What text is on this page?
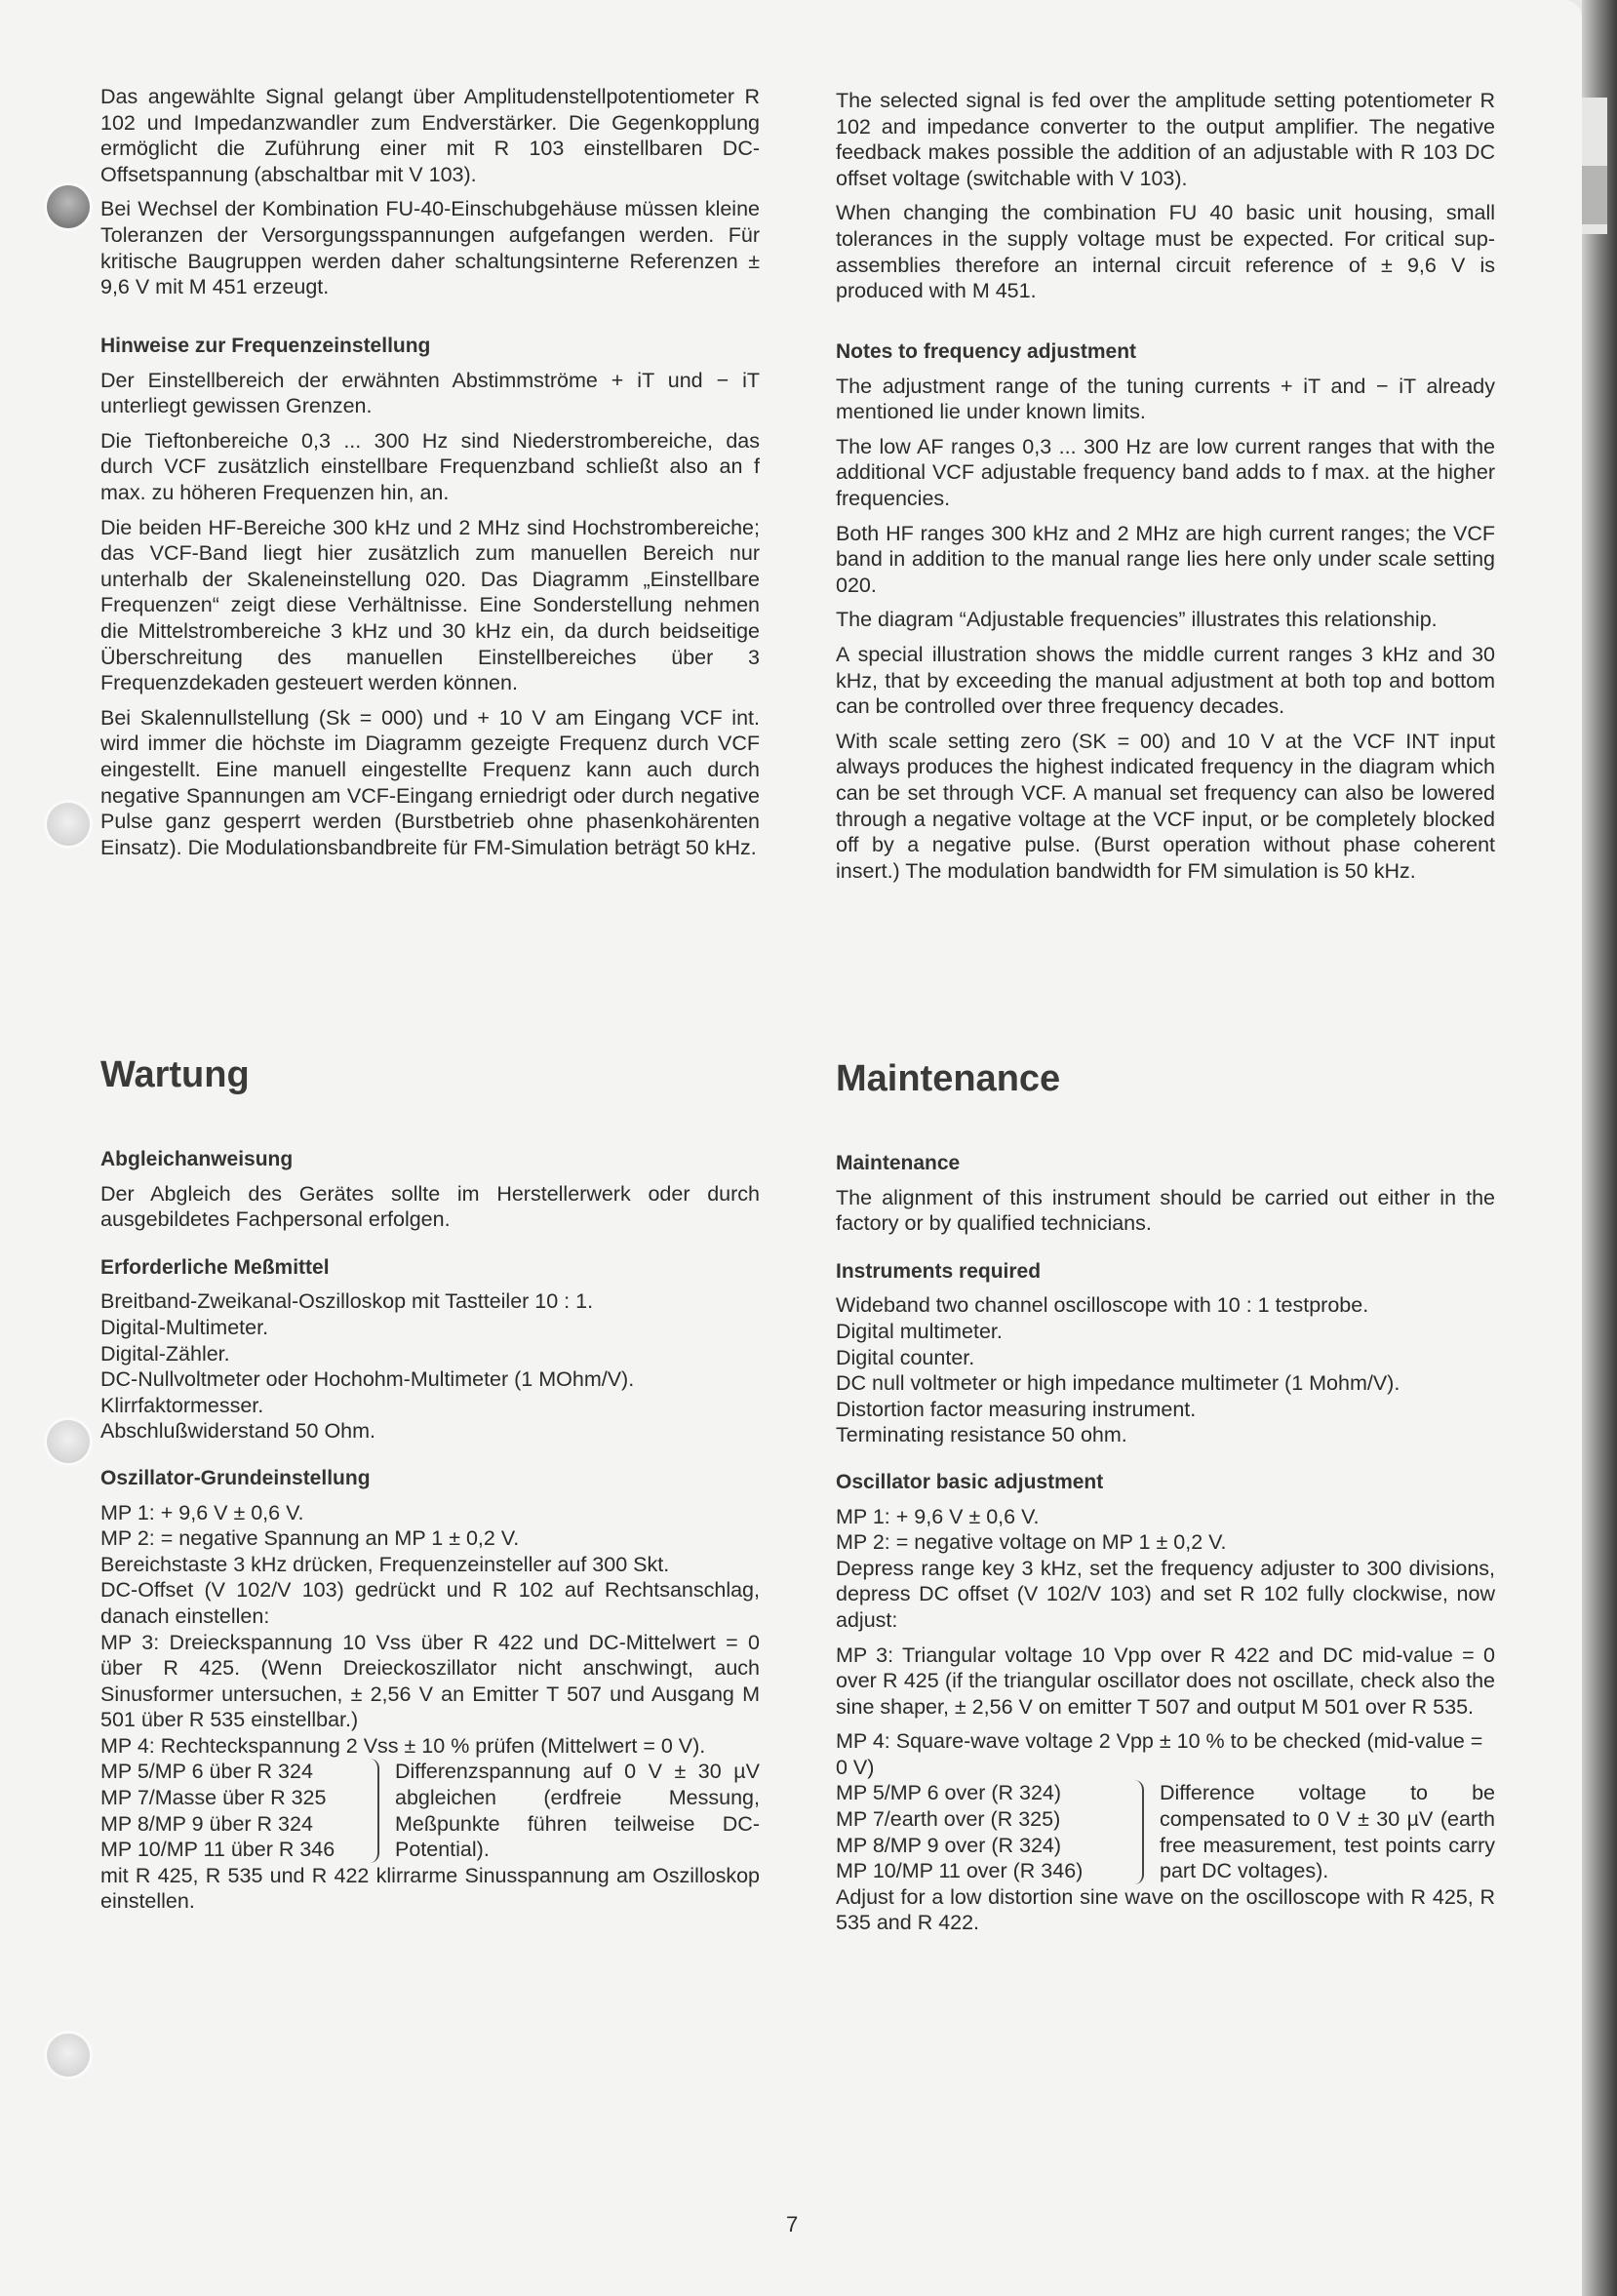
Das angewählte Signal gelangt über Amplitudenstellpotentiometer R 102 und Impedanzwandler zum Endverstärker. Die Gegenkopplung ermöglicht die Zuführung einer mit R 103 einstellbaren DC-Offsetspannung (abschaltbar mit V 103).

Bei Wechsel der Kombination FU-40-Einschubgehäuse müssen kleine Toleranzen der Versorgungsspannungen aufgefangen werden. Für kritische Baugruppen werden daher schaltungsinterne Referenzen ± 9,6 V mit M 451 erzeugt.

Hinweise zur Frequenzeinstellung

Der Einstellbereich der erwähnten Abstimmströme + iT und − iT unterliegt gewissen Grenzen.

Die Tieftonbereiche 0,3 ... 300 Hz sind Niederstrombereiche, das durch VCF zusätzlich einstellbare Frequenzband schließt also an f max. zu höheren Frequenzen hin, an.

Die beiden HF-Bereiche 300 kHz und 2 MHz sind Hochstrombereiche; das VCF-Band liegt hier zusätzlich zum manuellen Bereich nur unterhalb der Skaleneinstellung 020. Das Diagramm „Einstellbare Frequenzen“ zeigt diese Verhältnisse. Eine Sonderstellung nehmen die Mittelstrombereiche 3 kHz und 30 kHz ein, da durch beidseitige Überschreitung des manuellen Einstellbereiches über 3 Frequenzdekaden gesteuert werden können.

Bei Skalennullstellung (Sk = 000) und + 10 V am Eingang VCF int. wird immer die höchste im Diagramm gezeigte Frequenz durch VCF eingestellt. Eine manuell eingestellte Frequenz kann auch durch negative Spannungen am VCF-Eingang erniedrigt oder durch negative Pulse ganz gesperrt werden (Burstbetrieb ohne phasenkohärenten Einsatz). Die Modulationsbandbreite für FM-Simulation beträgt 50 kHz.

The selected signal is fed over the amplitude setting potentiometer R 102 and impedance converter to the output amplifier. The negative feedback makes possible the addition of an adjustable with R 103 DC offset voltage (switchable with V 103).

When changing the combination FU 40 basic unit housing, small tolerances in the supply voltage must be expected. For critical sup-assemblies therefore an internal circuit reference of ± 9,6 V is produced with M 451.

Notes to frequency adjustment

The adjustment range of the tuning currents + iT and − iT already mentioned lie under known limits.

The low AF ranges 0,3 ... 300 Hz are low current ranges that with the additional VCF adjustable frequency band adds to f max. at the higher frequencies.

Both HF ranges 300 kHz and 2 MHz are high current ranges; the VCF band in addition to the manual range lies here only under scale setting 020.

The diagram “Adjustable frequencies” illustrates this relationship.

A special illustration shows the middle current ranges 3 kHz and 30 kHz, that by exceeding the manual adjustment at both top and bottom can be controlled over three frequency decades.

With scale setting zero (SK = 00) and 10 V at the VCF INT input always produces the highest indicated frequency in the diagram which can be set through VCF. A manual set frequency can also be lowered through a negative voltage at the VCF input, or be completely blocked off by a negative pulse. (Burst operation without phase coherent insert.) The modulation bandwidth for FM simulation is 50 kHz.

Wartung
Abgleichanweisung

Der Abgleich des Gerätes sollte im Herstellerwerk oder durch ausgebildetes Fachpersonal erfolgen.

Erforderliche Meßmittel
Breitband-Zweikanal-Oszilloskop mit Tastteiler 10 : 1.
Digital-Multimeter.
Digital-Zähler.
DC-Nullvoltmeter oder Hochohm-Multimeter (1 MOhm/V).
Klirrfaktormesser.
Abschlußwiderstand 50 Ohm.
Oszillator-Grundeinstellung
MP 1: + 9,6 V ± 0,6 V.
MP 2: = negative Spannung an MP 1 ± 0,2 V.
Bereichstaste 3 kHz drücken, Frequenzeinsteller auf 300 Skt.
DC-Offset (V 102/V 103) gedrückt und R 102 auf Rechtsanschlag, danach einstellen:
MP 3: Dreieckspannung 10 Vss über R 422 und DC-Mittelwert = 0 über R 425. (Wenn Dreieckoszillator nicht anschwingt, auch Sinusformer untersuchen, ± 2,56 V an Emitter T 507 und Ausgang M 501 über R 535 einstellbar.)
MP 4: Rechteckspannung 2 Vss ± 10 % prüfen (Mittelwert = 0 V).
MP 5/MP 6 über R 324
MP 7/Masse über R 325
MP 8/MP 9 über R 324
MP 10/MP 11 über R 346
Differenzspannung auf 0 V ± 30 µV abgleichen (erdfreie Messung, Meßpunkte führen teilweise DC-Potential).
mit R 425, R 535 und R 422 klirrarme Sinusspannung am Oszilloskop einstellen.
Maintenance
Maintenance

The alignment of this instrument should be carried out either in the factory or by qualified technicians.

Instruments required
Wideband two channel oscilloscope with 10 : 1 testprobe.
Digital multimeter.
Digital counter.
DC null voltmeter or high impedance multimeter (1 Mohm/V).
Distortion factor measuring instrument.
Terminating resistance 50 ohm.
Oscillator basic adjustment
MP 1: + 9,6 V ± 0,6 V.
MP 2: = negative voltage on MP 1 ± 0,2 V.
Depress range key 3 kHz, set the frequency adjuster to 300 divisions, depress DC offset (V 102/V 103) and set R 102 fully clockwise, now adjust:
MP 3: Triangular voltage 10 Vpp over R 422 and DC mid-value = 0 over R 425 (if the triangular oscillator does not oscillate, check also the sine shaper, ± 2,56 V on emitter T 507 and output M 501 over R 535.
MP 4: Square-wave voltage 2 Vpp ± 10 % to be checked (mid-value = 0 V)
MP 5/MP 6 over (R 324)
MP 7/earth over (R 325)
MP 8/MP 9 over (R 324)
MP 10/MP 11 over (R 346)
Difference voltage to be compensated to 0 V ± 30 µV (earth free measurement, test points carry part DC voltages).
Adjust for a low distortion sine wave on the oscilloscope with R 425, R 535 and R 422.
7
